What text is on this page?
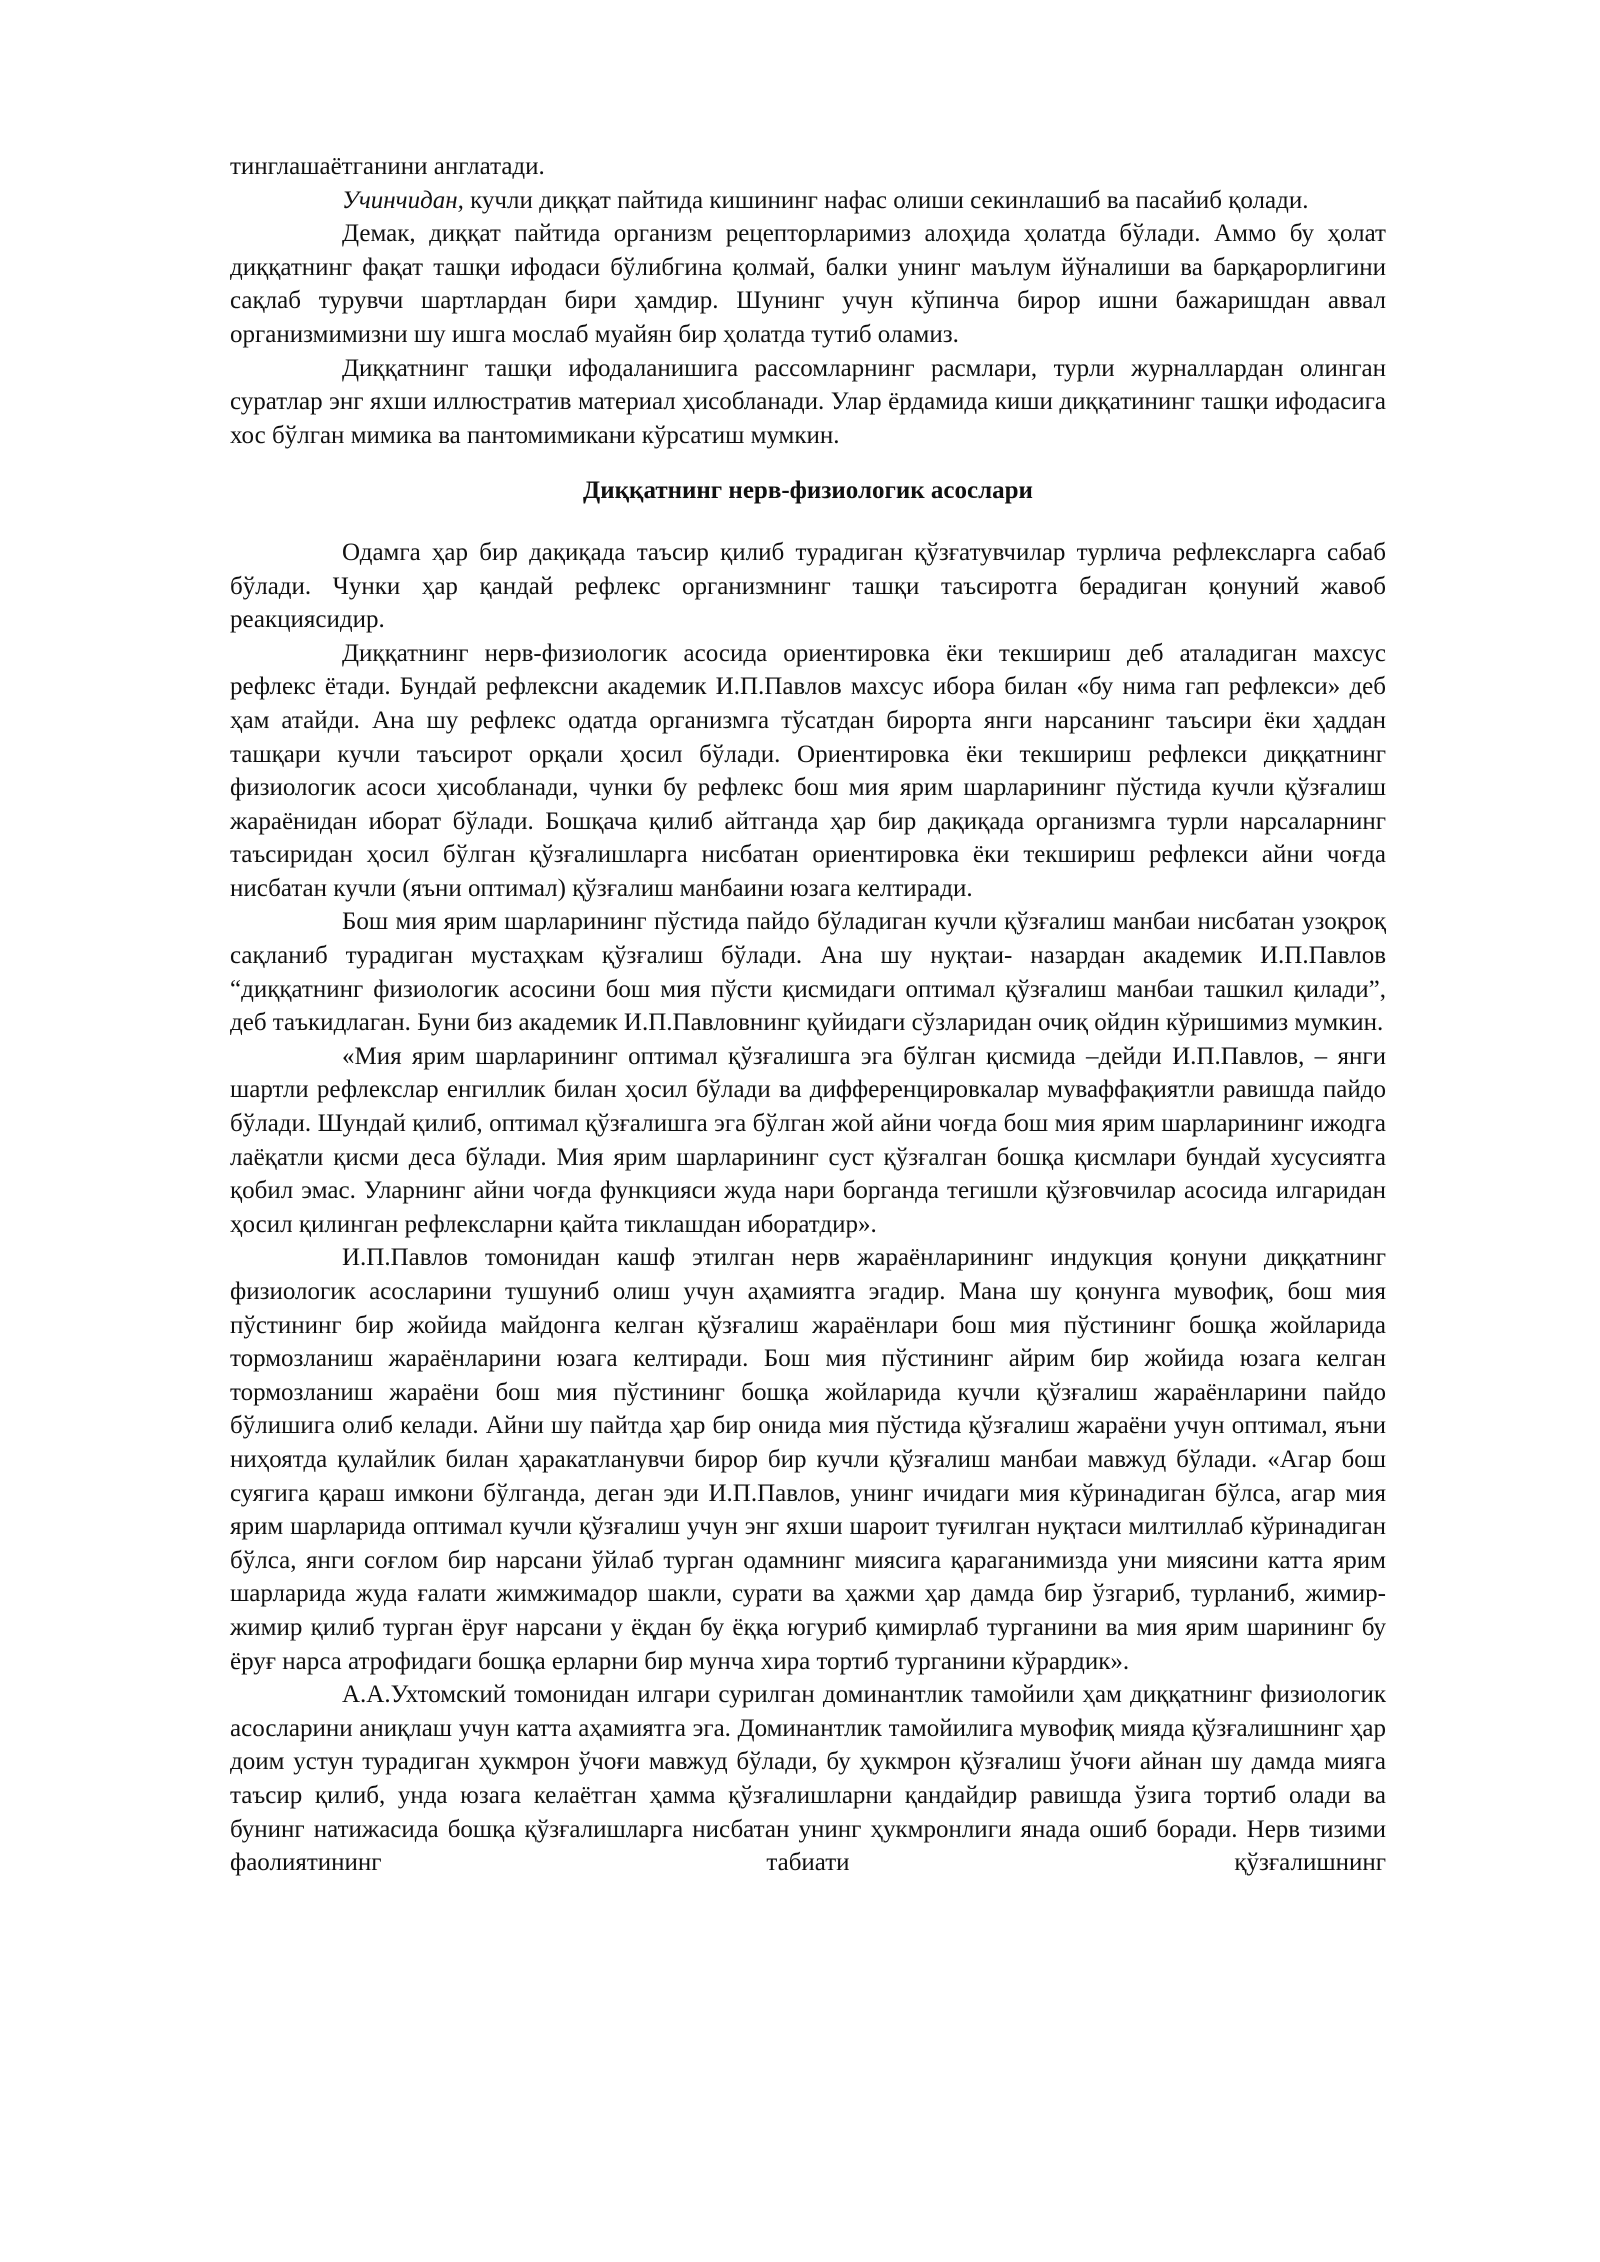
тинглашаётганини англатади.

Учинчидан, кучли диққат пайтида кишининг нафас олиши секинлашиб ва пасайиб қолади.

Демак, диққат пайтида организм рецепторларимиз алоҳида ҳолатда бўлади. Аммо бу ҳолат диққатнинг фақат ташқи ифодаси бўлибгина қолмай, балки унинг маълум йўналиши ва барқарорлигини сақлаб турувчи шартлардан бири ҳамдир. Шунинг учун кўпинча бирор ишни бажаришдан аввал организмимизни шу ишга мослаб муайян бир ҳолатда тутиб оламиз.

Диққатнинг ташқи ифодаланишига рассомларнинг расмлари, турли журналлардан олинган суратлар энг яхши иллюстратив материал ҳисобланади. Улар ёрдамида киши диққатининг ташқи ифодасига хос бўлган мимика ва пантомимикани кўрсатиш мумкин.

Диққатнинг нерв-физиологик асослари

Одамга ҳар бир дақиқада таъсир қилиб турадиган қўзғатувчилар турлича рефлексларга сабаб бўлади. Чунки ҳар қандай рефлекс организмнинг ташқи таъсиротга берадиган қонуний жавоб реакциясидир.

Диққатнинг нерв-физиологик асосида ориентировка ёки текшириш деб аталадиган махсус рефлекс ётади. Бундай рефлексни академик И.П.Павлов махсус ибора билан «бу нима гап рефлекси» деб ҳам атайди. Ана шу рефлекс одатда организмга тўсатдан бирорта янги нарсанинг таъсири ёки ҳаддан ташқари кучли таъсирот орқали ҳосил бўлади. Ориентировка ёки текшириш рефлекси диққатнинг физиологик асоси ҳисобланади, чунки бу рефлекс бош мия ярим шарларининг пўстида кучли қўзғалиш жараёнидан иборат бўлади. Бошқача қилиб айтганда ҳар бир дақиқада организмга турли нарсаларнинг таъсиридан ҳосил бўлган қўзғалишларга нисбатан ориентировка ёки текшириш рефлекси айни чоғда нисбатан кучли (яъни оптимал) қўзғалиш манбаини юзага келтиради.

Бош мия ярим шарларининг пўстида пайдо бўладиган кучли қўзғалиш манбаи нисбатан узоқроқ сақланиб турадиган мустаҳкам қўзғалиш бўлади. Ана шу нуқтаи- назардан академик И.П.Павлов “диққатнинг физиологик асосини бош мия пўсти қисмидаги оптимал қўзғалиш манбаи ташкил қилади”, деб таъкидлаган. Буни биз академик И.П.Павловнинг қуйидаги сўзларидан очиқ ойдин кўришимиз мумкин.

«Мия ярим шарларининг оптимал қўзғалишга эга бўлган қисмида –дейди И.П.Павлов, – янги шартли рефлекслар енгиллик билан ҳосил бўлади ва дифференцировкалар муваффақиятли равишда пайдо бўлади. Шундай қилиб, оптимал қўзғалишга эга бўлган жой айни чоғда бош мия ярим шарларининг ижодга лаёқатли қисми деса бўлади. Мия ярим шарларининг суст қўзғалган бошқа қисмлари бундай хусусиятга қобил эмас. Уларнинг айни чоғда функцияси жуда нари борганда тегишли қўзғовчилар асосида илгаридан ҳосил қилинган рефлексларни қайта тиклашдан иборатдир».

И.П.Павлов томонидан кашф этилган нерв жараёнларининг индукция қонуни диққатнинг физиологик асосларини тушуниб олиш учун аҳамиятга эгадир. Мана шу қонунга мувофиқ, бош мия пўстининг бир жойида майдонга келган қўзғалиш жараёнлари бош мия пўстининг бошқа жойларида тормозланиш жараёнларини юзага келтиради. Бош мия пўстининг айрим бир жойида юзага келган тормозланиш жараёни бош мия пўстининг бошқа жойларида кучли қўзғалиш жараёнларини пайдо бўлишига олиб келади. Айни шу пайтда ҳар бир онида мия пўстида қўзғалиш жараёни учун оптимал, яъни ниҳоятда қулайлик билан ҳаракатланувчи бирор бир кучли қўзғалиш манбаи мавжуд бўлади. «Агар бош суягига қараш имкони бўлганда, деган эди И.П.Павлов, унинг ичидаги мия кўринадиган бўлса, агар мия ярим шарларида оптимал кучли қўзғалиш учун энг яхши шароит туғилган нуқтаси милтиллаб кўринадиган бўлса, янги соғлом бир нарсани ўйлаб турган одамнинг миясига қараганимизда уни миясини катта ярим шарларида жуда ғалати жимжимадор шакли, сурати ва ҳажми ҳар дамда бир ўзгариб, турланиб, жимир-жимир қилиб турган ёруғ нарсани у ёқдан бу ёққа югуриб қимирлаб турганини ва мия ярим шарининг бу ёруғ нарса атрофидаги бошқа ерларни бир мунча хира тортиб турганини кўрардик».

А.А.Ухтомский томонидан илгари сурилган доминантлик тамойили ҳам диққатнинг физиологик асосларини аниқлаш учун катта аҳамиятга эга. Доминантлик тамойилига мувофиқ мияда қўзғалишнинг ҳар доим устун турадиган ҳукмрон ўчоғи мавжуд бўлади, бу ҳукмрон қўзғалиш ўчоғи айнан шу дамда мияга таъсир қилиб, унда юзага келаётган ҳамма қўзғалишларни қандайдир равишда ўзига тортиб олади ва бунинг натижасида бошқа қўзғалишларга нисбатан унинг ҳукмронлиги янада ошиб боради. Нерв тизими фаолиятининг табиати қўзғалишнинг
